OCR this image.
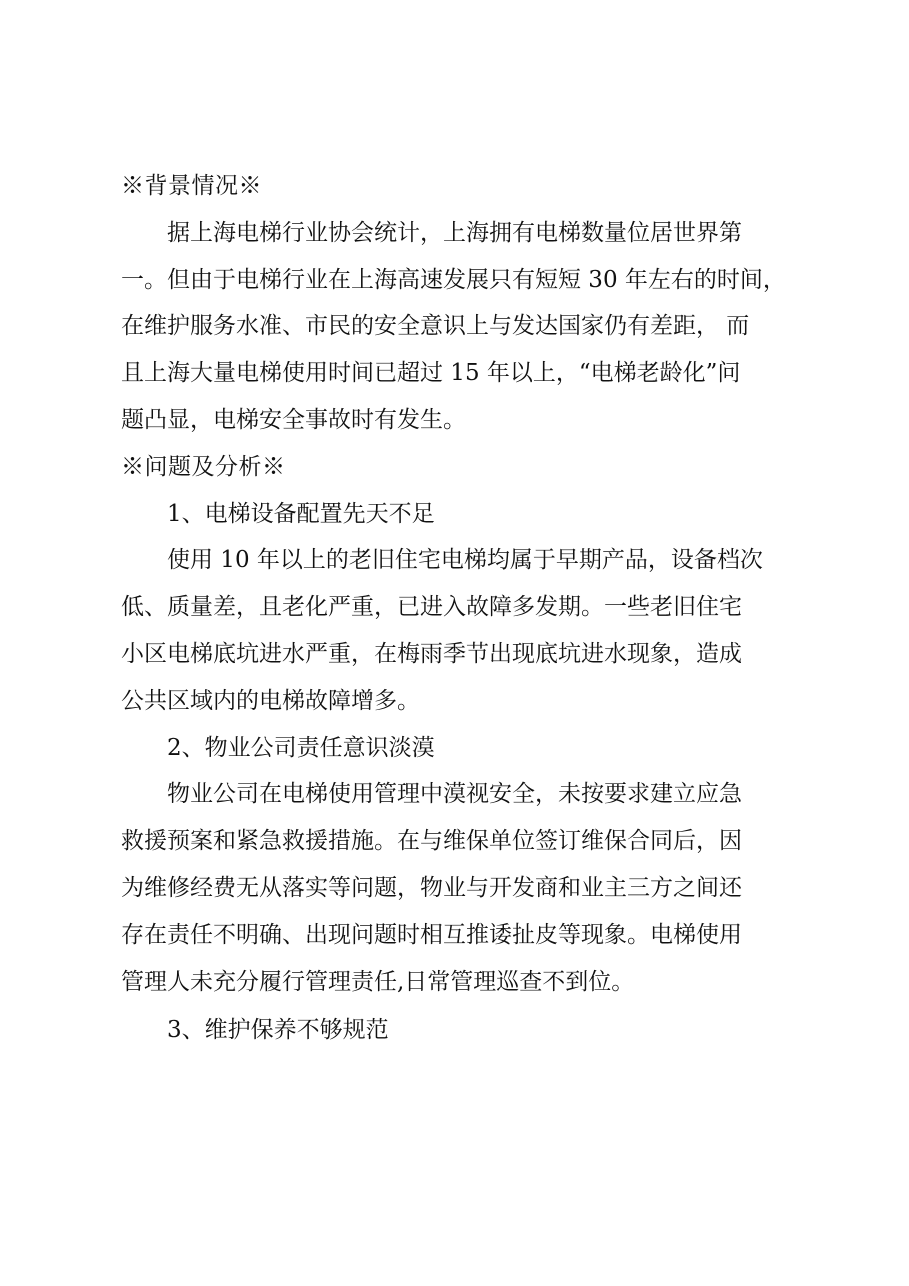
※背景情况※

据上海电梯行业协会统计，上海拥有电梯数量位居世界第

一。但由于电梯行业在上海高速发展只有短短 30 年左右的时间，

在维护服务水准、市民的安全意识上与发达国家仍有差距， 而

且上海大量电梯使用时间已超过 15 年以上，“电梯老龄化”问

题凸显，电梯安全事故时有发生。

※问题及分析※

1、电梯设备配置先天不足

使用 10 年以上的老旧住宅电梯均属于早期产品，设备档次

低、质量差，且老化严重，已进入故障多发期。一些老旧住宅

小区电梯底坑进水严重，在梅雨季节出现底坑进水现象，造成

公共区域内的电梯故障增多。

2、物业公司责任意识淡漠

物业公司在电梯使用管理中漠视安全，未按要求建立应急

救援预案和紧急救援措施。在与维保单位签订维保合同后，因

为维修经费无从落实等问题，物业与开发商和业主三方之间还

存在责任不明确、出现问题时相互推诿扯皮等现象。电梯使用

管理人未充分履行管理责任,日常管理巡查不到位。

3、维护保养不够规范
